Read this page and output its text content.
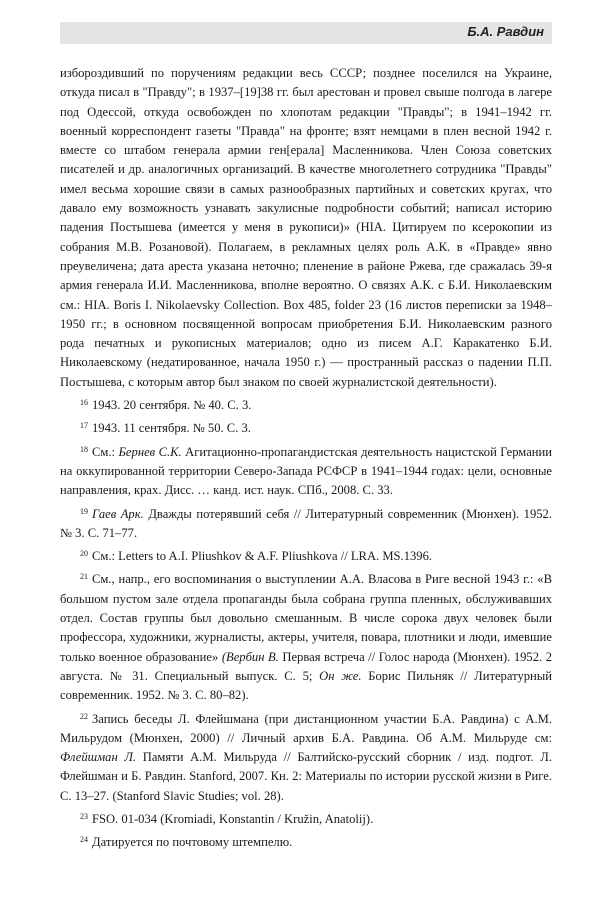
Б.А. Равдин

изборoздивший по поручениям редакции весь СССР; позднее поселился на Украине, откуда писал в "Правду"; в 1937–[19]38 гг. был арестован и провел свыше полгода в лагере под Одессой, откуда освобожден по хлопотам редакции "Правды"; в 1941–1942 гг. военный корреспондент газеты "Правда" на фронте; взят немцами в плен весной 1942 г. вместе со штабом генерала армии ген[ерала] Масленникова. Член Союза советских писателей и др. аналогичных организаций. В качестве многолетнего сотрудника "Правды" имел весьма хорошие связи в самых разнообразных партийных и советских кругах, что давало ему возможность узнавать закулисные подробности событий; написал историю падения Постышева (имеется у меня в рукописи)» (HIA. Цитируем по ксерокопии из собрания М.В. Розановой). Полагаем, в рекламных целях роль А.К. в «Правде» явно преувеличена; дата ареста указана неточно; пленение в районе Ржева, где сражалась 39-я армия генерала И.И. Масленникова, вполне вероятно. О связях А.К. с Б.И. Николаевским см.: HIA. Boris I. Nikolaevsky Collection. Box 485, folder 23 (16 листов переписки за 1948–1950 гг.; в основном посвященной вопросам приобретения Б.И. Николаевским разного рода печатных и рукописных материалов; одно из писем А.Г. Каракатенко Б.И. Николаевскому (недатированное, начала 1950 г.) — пространный рассказ о падении П.П. Постышева, с которым автор был знаком по своей журналистской деятельности).

$^{16}$ 1943. 20 сентября. № 40. С. 3.

$^{17}$ 1943. 11 сентября. № 50. С. 3.

$^{18}$ См.: Бернев С.К. Агитационно-пропагандистская деятельность нацистской Германии на оккупированной территории Северо-Запада РСФСР в 1941–1944 годах: цели, основные направления, крах. Дисс. … канд. ист. наук. СПб., 2008. С. 33.

$^{19}$ Гаев Арк. Дважды потерявший себя // Литературный современник (Мюнхен). 1952. № 3. С. 71–77.

$^{20}$ См.: Letters to A.I. Pliushkov & A.F. Pliushkova // LRA. MS.1396.

$^{21}$ См., напр., его воспоминания о выступлении А.А. Власова в Риге весной 1943 г.: «В большом пустом зале отдела пропаганды была собрана группа пленных, обслуживавших отдел. Состав группы был довольно смешанным. В числе сорока двух человек были профессора, художники, журналисты, актеры, учителя, повара, плотники и люди, имевшие только военное образование» (Вербин В. Первая встреча // Голос народа (Мюнхен). 1952. 2 августа. № 31. Специальный выпуск. С. 5; Он же. Борис Пильняк // Литературный современник. 1952. № 3. С. 80–82).

$^{22}$ Запись беседы Л. Флейшмана (при дистанционном участии Б.А. Равдина) с А.М. Мильрудом (Мюнхен, 2000) // Личный архив Б.А. Равдина. Об А.М. Мильруде см: Флейшман Л. Памяти А.М. Мильруда // Балтийско-русский сборник / изд. подгот. Л. Флейшман и Б. Равдин. Stanford, 2007. Кн. 2: Материалы по истории русской жизни в Риге. С. 13–27. (Stanford Slavic Studies; vol. 28).

$^{23}$ FSO. 01-034 (Kromiadi, Konstantin / Kružin, Anatolij).

$^{24}$ Датируется по почтовому штемпелю.
